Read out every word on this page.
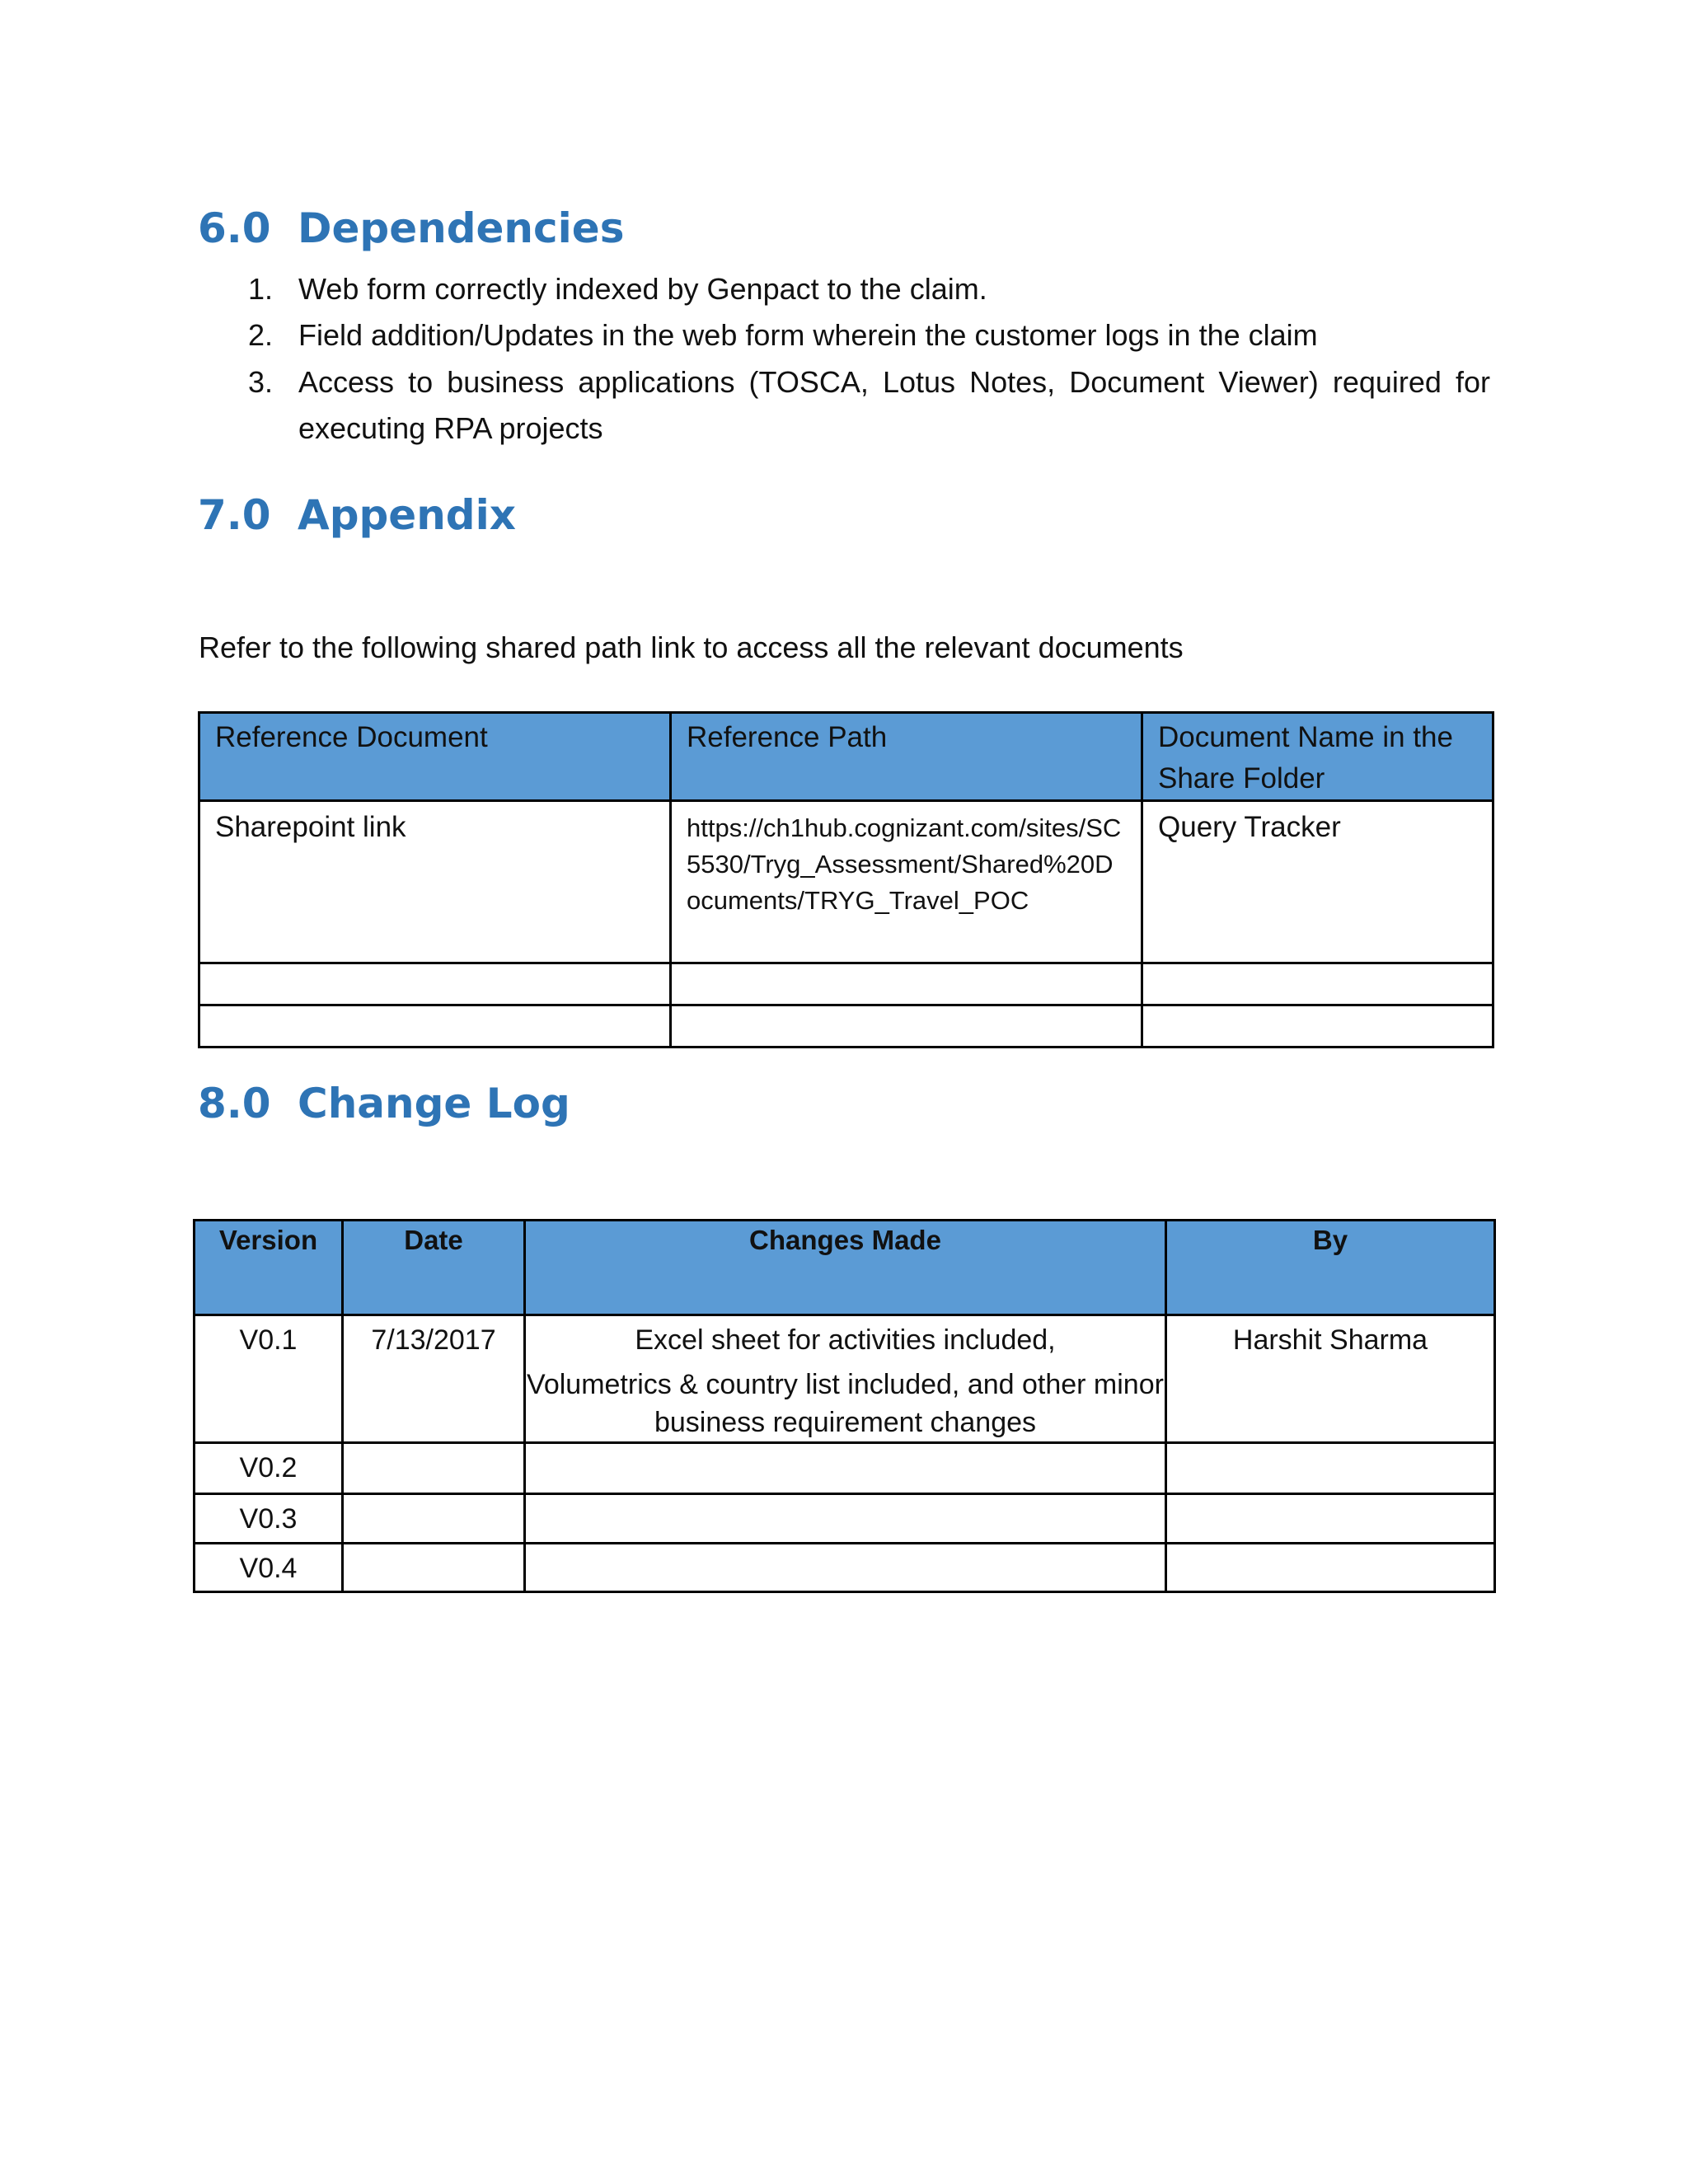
6.0 Dependencies
1. Web form correctly indexed by Genpact to the claim.
2. Field addition/Updates in the web form wherein the customer logs in the claim
3. Access to business applications (TOSCA, Lotus Notes, Document Viewer) required for executing RPA projects
7.0 Appendix

Refer to the following shared path link to access all the relevant documents

Reference Document	Reference Path	Document Name in the Share Folder
Sharepoint link	https://ch1hub.cognizant.com/sites/SC5530/Tryg_Assessment/Shared%20Documents/TRYG_Travel_POC	Query Tracker

8.0 Change Log
Version	Date	Changes Made	By
V0.1	7/13/2017	Excel sheet for activities included,
Volumetrics & country list included, and other minor business requirement changes	Harshit Sharma
V0.2			
V0.3			
V0.4			
